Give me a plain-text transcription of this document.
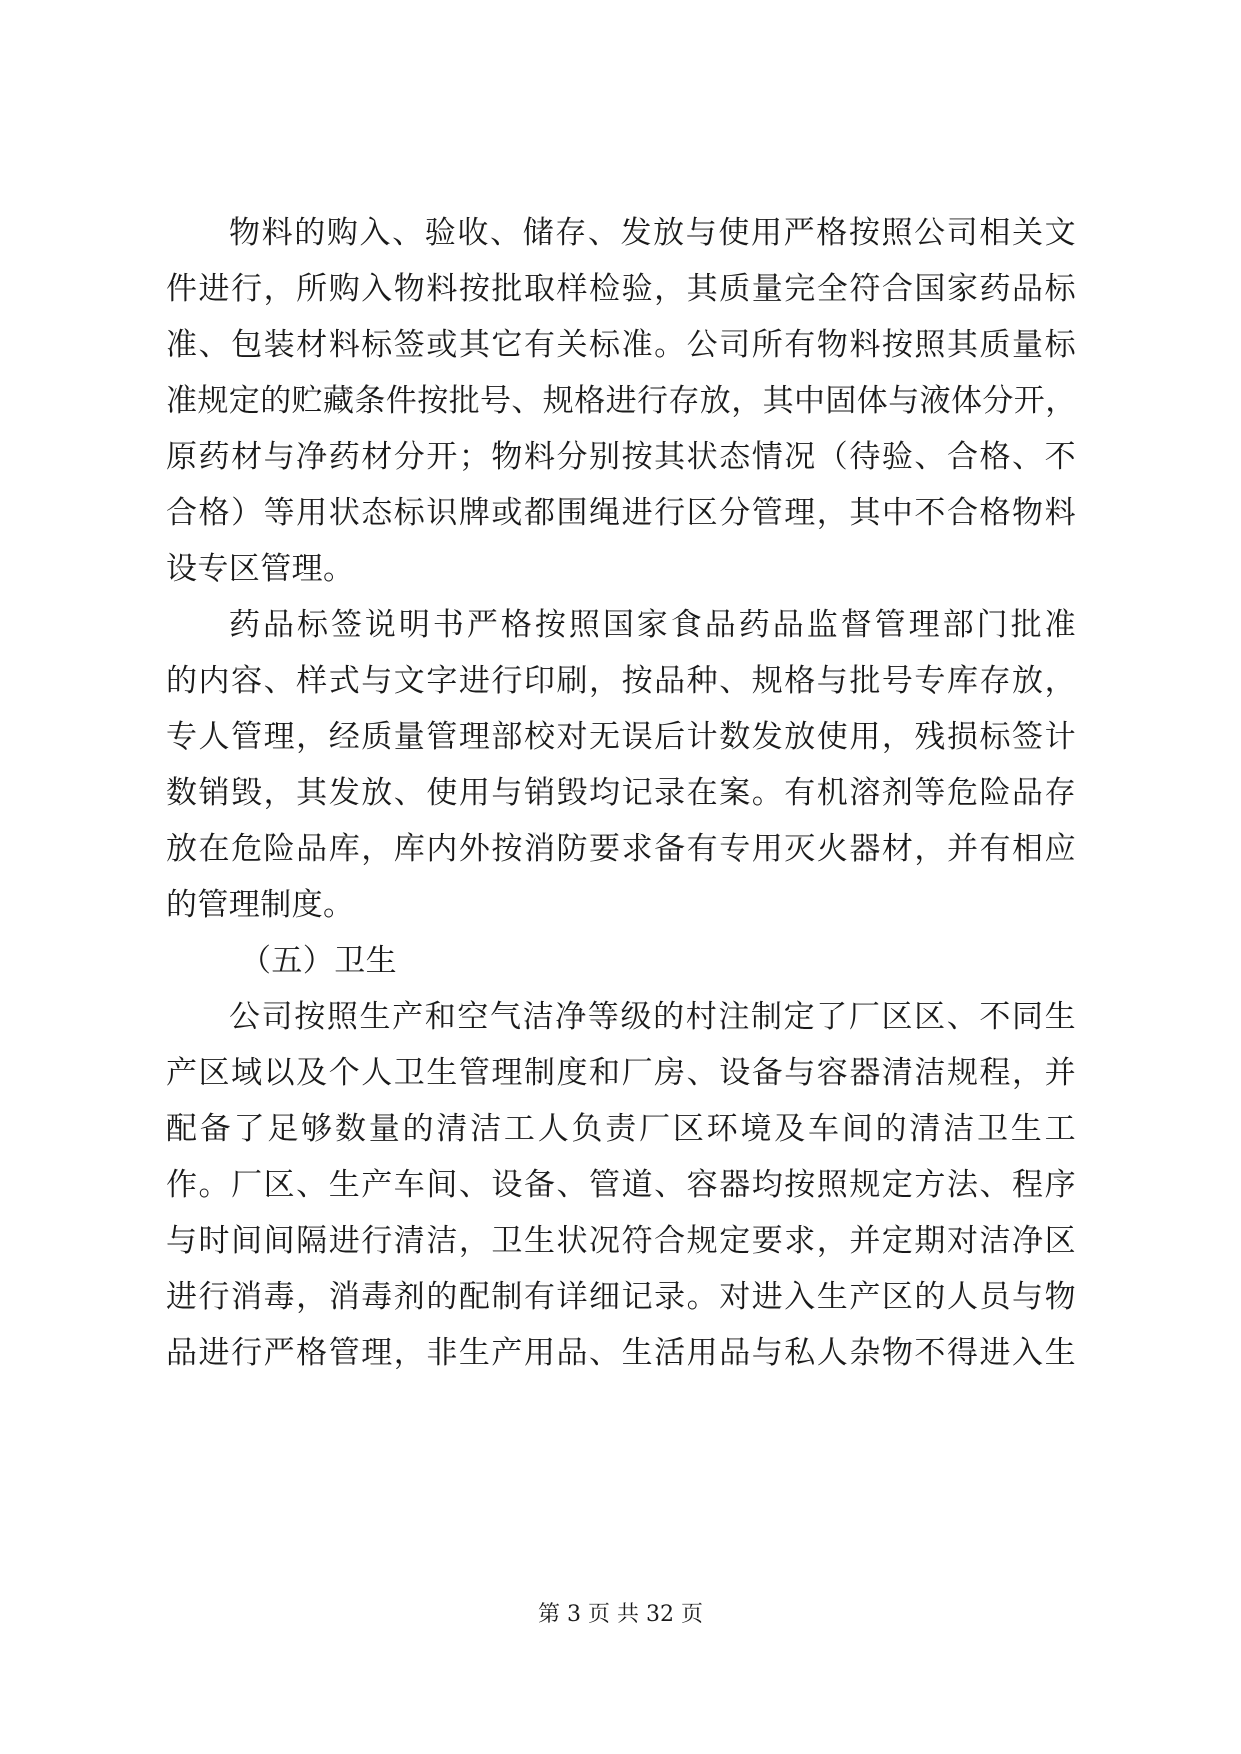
物料的购入、验收、储存、发放与使用严格按照公司相关文
件进行，所购入物料按批取样检验，其质量完全符合国家药品标
准、包装材料标签或其它有关标准。公司所有物料按照其质量标
准规定的贮藏条件按批号、规格进行存放，其中固体与液体分开，
原药材与净药材分开；物料分别按其状态情况（待验、合格、不
合格）等用状态标识牌或都围绳进行区分管理，其中不合格物料
设专区管理。
药品标签说明书严格按照国家食品药品监督管理部门批准
的内容、样式与文字进行印刷，按品种、规格与批号专库存放，
专人管理，经质量管理部校对无误后计数发放使用，残损标签计
数销毁，其发放、使用与销毁均记录在案。有机溶剂等危险品存
放在危险品库，库内外按消防要求备有专用灭火器材，并有相应
的管理制度。
（五）卫生
公司按照生产和空气洁净等级的村注制定了厂区区、不同生
产区域以及个人卫生管理制度和厂房、设备与容器清洁规程，并
配备了足够数量的清洁工人负责厂区环境及车间的清洁卫生工
作。厂区、生产车间、设备、管道、容器均按照规定方法、程序
与时间间隔进行清洁，卫生状况符合规定要求，并定期对洁净区
进行消毒，消毒剂的配制有详细记录。对进入生产区的人员与物
品进行严格管理，非生产用品、生活用品与私人杂物不得进入生
第 3 页 共 32 页
